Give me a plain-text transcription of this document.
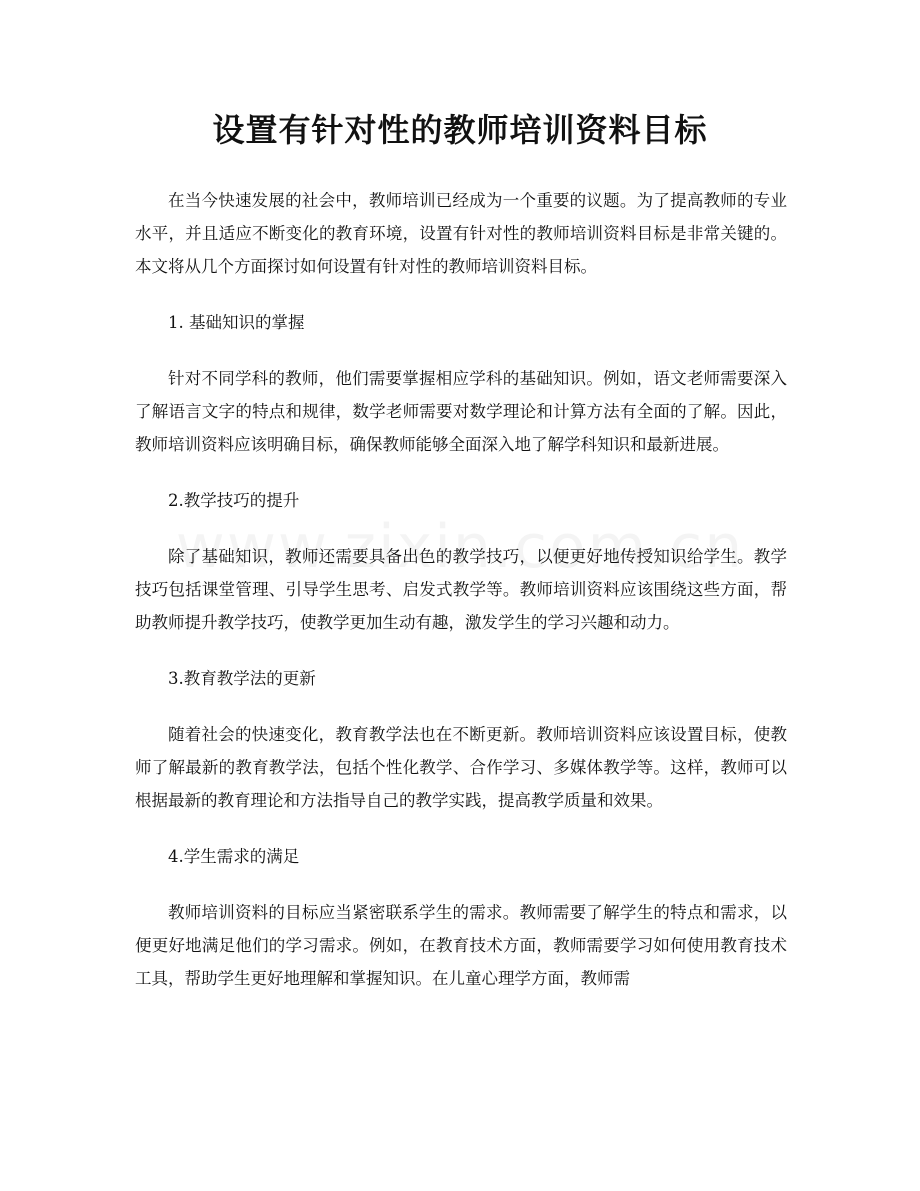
设置有针对性的教师培训资料目标

在当今快速发展的社会中，教师培训已经成为一个重要的议题。为了提高教师的专业水平，并且适应不断变化的教育环境，设置有针对性的教师培训资料目标是非常关键的。本文将从几个方面探讨如何设置有针对性的教师培训资料目标。

1. 基础知识的掌握

针对不同学科的教师，他们需要掌握相应学科的基础知识。例如，语文老师需要深入了解语言文字的特点和规律，数学老师需要对数学理论和计算方法有全面的了解。因此，教师培训资料应该明确目标，确保教师能够全面深入地了解学科知识和最新进展。

2.教学技巧的提升

除了基础知识，教师还需要具备出色的教学技巧，以便更好地传授知识给学生。教学技巧包括课堂管理、引导学生思考、启发式教学等。教师培训资料应该围绕这些方面，帮助教师提升教学技巧，使教学更加生动有趣，激发学生的学习兴趣和动力。

3.教育教学法的更新

随着社会的快速变化，教育教学法也在不断更新。教师培训资料应该设置目标，使教师了解最新的教育教学法，包括个性化教学、合作学习、多媒体教学等。这样，教师可以根据最新的教育理论和方法指导自己的教学实践，提高教学质量和效果。

4.学生需求的满足

教师培训资料的目标应当紧密联系学生的需求。教师需要了解学生的特点和需求，以便更好地满足他们的学习需求。例如，在教育技术方面，教师需要学习如何使用教育技术工具，帮助学生更好地理解和掌握知识。在儿童心理学方面，教师需
